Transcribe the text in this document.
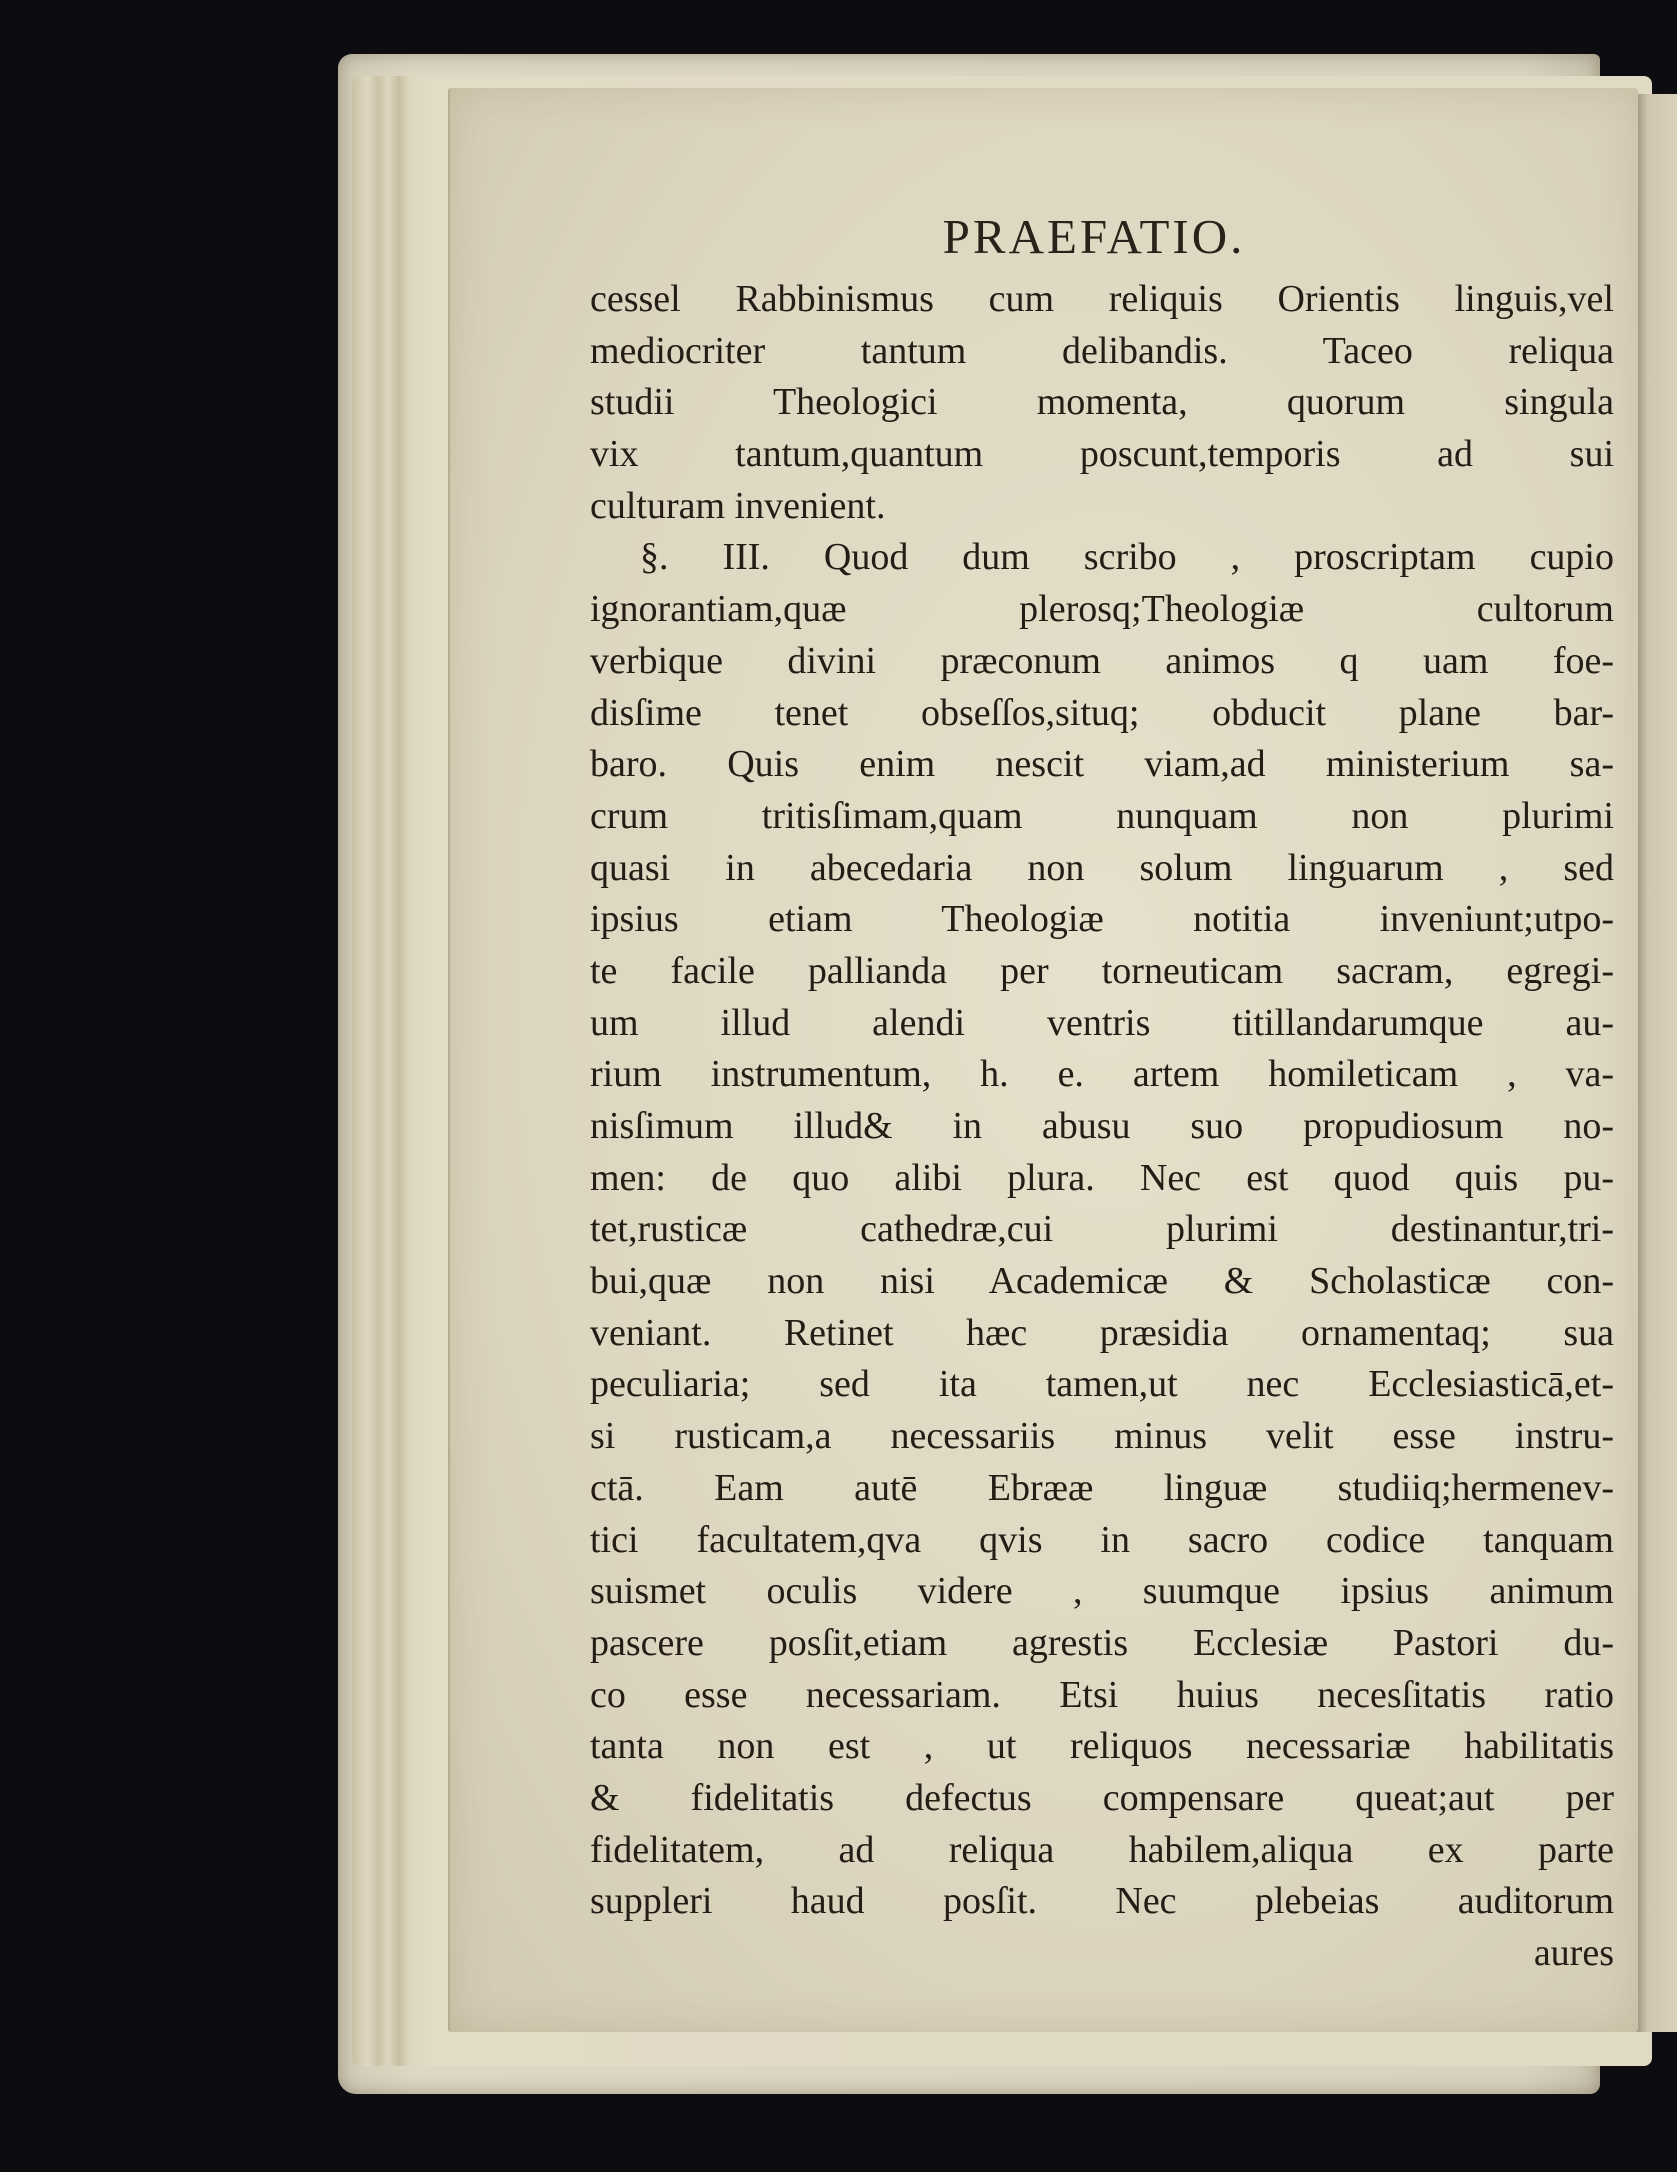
PRAEFATIO.
cessel Rabbinismus cum reliquis Orientis linguis,vel
mediocriter tantum delibandis. Taceo reliqua
studii Theologici momenta, quorum singula
vix tantum,quantum poscunt,temporis ad sui
culturam invenient.
§. III. Quod dum scribo , proscriptam cupio
ignorantiam,quæ plerosq;Theologiæ cultorum
verbique divini præconum animos q uam foe-
disſime tenet obseſſos,situq; obducit plane bar-
baro. Quis enim nescit viam,ad ministerium sa-
crum tritisſimam,quam nunquam non plurimi
quasi in abecedaria non solum linguarum , sed
ipsius etiam Theologiæ notitia inveniunt;utpo-
te facile pallianda per torneuticam sacram, egregi-
um illud alendi ventris titillandarumque au-
rium instrumentum, h. e. artem homileticam , va-
nisſimum illud& in abusu suo propudiosum no-
men: de quo alibi plura. Nec est quod quis pu-
tet,rusticæ cathedræ,cui plurimi destinantur,tri-
bui,quæ non nisi Academicæ & Scholasticæ con-
veniant. Retinet hæc præsidia ornamentaq; sua
peculiaria; sed ita tamen,ut nec Ecclesiasticā,et-
si rusticam,a necessariis minus velit esse instru-
ctā. Eam autē Ebrææ linguæ studiiq;hermenev-
tici facultatem,qva qvis in sacro codice tanquam
suismet oculis videre , suumque ipsius animum
pascere posſit,etiam agrestis Ecclesiæ Pastori du-
co esse necessariam. Etsi huius necesſitatis ratio
tanta non est , ut reliquos necessariæ habilitatis
& fidelitatis defectus compensare queat;aut per
fidelitatem, ad reliqua habilem,aliqua ex parte
suppleri haud posſit. Nec plebeias auditorum
aures
